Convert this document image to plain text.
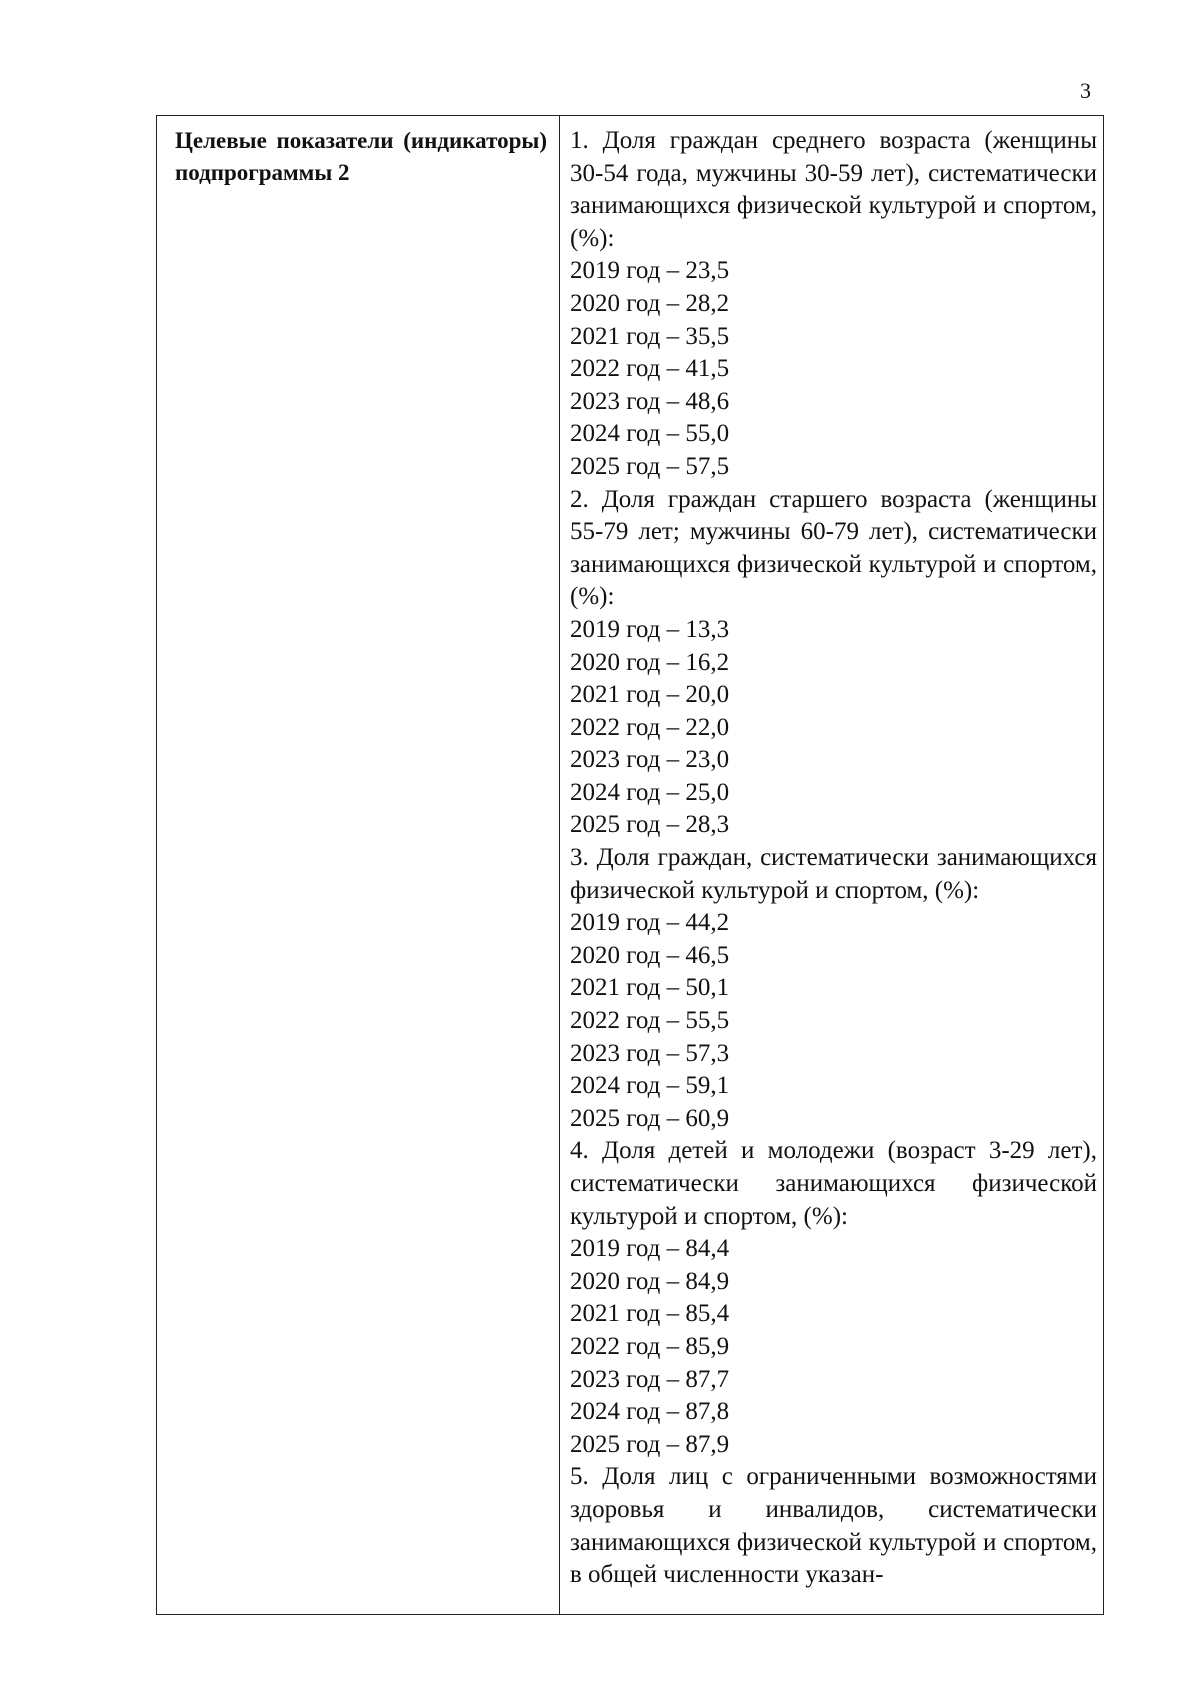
3
Целевые показатели (индикаторы) подпрограммы 2

1. Доля граждан среднего возраста (женщины 30-54 года, мужчины 30-59 лет), систематически занимающихся физической культурой и спортом, (%):

2019 год – 23,5

2020 год – 28,2

2021 год – 35,5

2022 год – 41,5

2023 год – 48,6

2024 год – 55,0

2025 год – 57,5

2. Доля граждан старшего возраста (женщины 55-79 лет; мужчины 60-79 лет), систематически занимающихся физической культурой и спортом, (%):

2019 год – 13,3

2020 год – 16,2

2021 год – 20,0

2022 год – 22,0

2023 год – 23,0

2024 год – 25,0

2025 год – 28,3

3. Доля граждан, систематически занимающихся физической культурой и спортом, (%):

2019 год – 44,2

2020 год – 46,5

2021 год – 50,1

2022 год – 55,5

2023 год – 57,3

2024 год – 59,1

2025 год – 60,9

4. Доля детей и молодежи (возраст 3-29 лет), систематически занимающихся физической культурой и спортом, (%):

2019 год – 84,4

2020 год – 84,9

2021 год – 85,4

2022 год – 85,9

2023 год – 87,7

2024 год – 87,8

2025 год – 87,9

5. Доля лиц с ограниченными возможностями здоровья и инвалидов, систематически занимающихся физической культурой и спортом, в общей численности указан-
